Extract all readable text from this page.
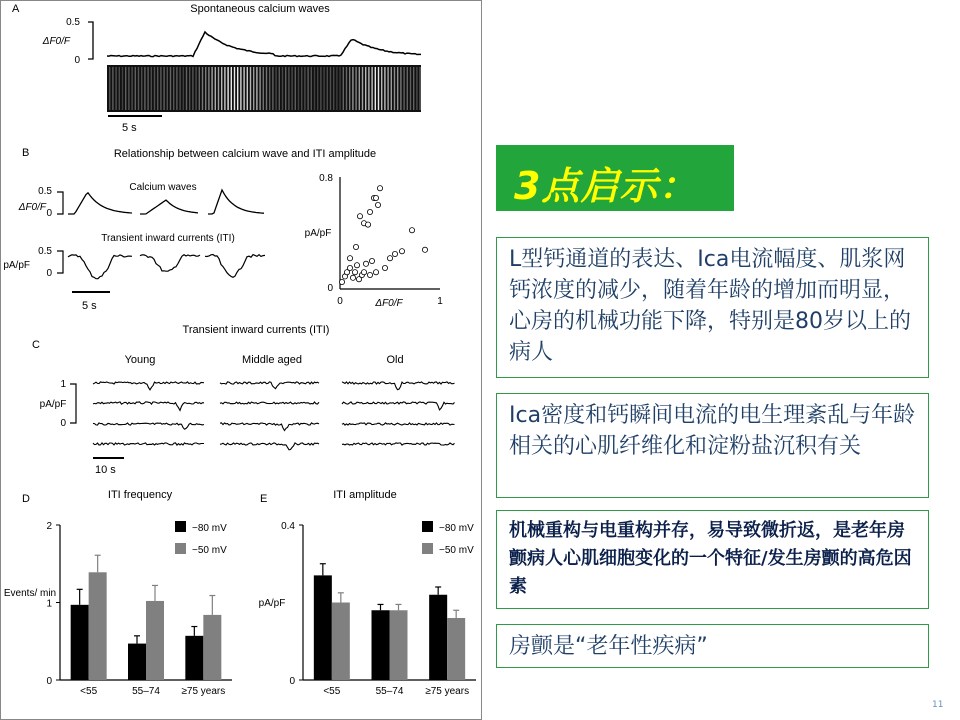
A	Spontaneous calcium waves
ΔF0/F
0.5
0
5 s
B	Relationship between calcium wave and ITI amplitude
Calcium waves
ΔF0/F
0.5
0
Transient inward currents (ITI)
pA/pF
0.5
0
5 s
0.8
0
pA/pF
0	1
ΔF0/F
Transient inward currents (ITI)
C
Young	Middle aged	Old
pA/pF
1
0
10 s
D	ITI frequency
Events/ min
0
1
2
<55	55–74 ≥75 years
−80 mV
−50 mV
E	ITI amplitude
pA/pF
0
0.4
<55	55–74 ≥75 years
−80 mV
−50 mV
3点启示：
L型钙通道的表达、Ica电流幅度、肌浆网钙浓度的减少，随着年龄的增加而明显，心房的机械功能下降，特别是80岁以上的病人
Ica密度和钙瞬间电流的电生理紊乱与年龄相关的心肌纤维化和淀粉盐沉积有关
机械重构与电重构并存，易导致微折返，是老年房颤病人心肌细胞变化的一个特征/发生房颤的高危因素
房颤是“老年性疾病”
11
